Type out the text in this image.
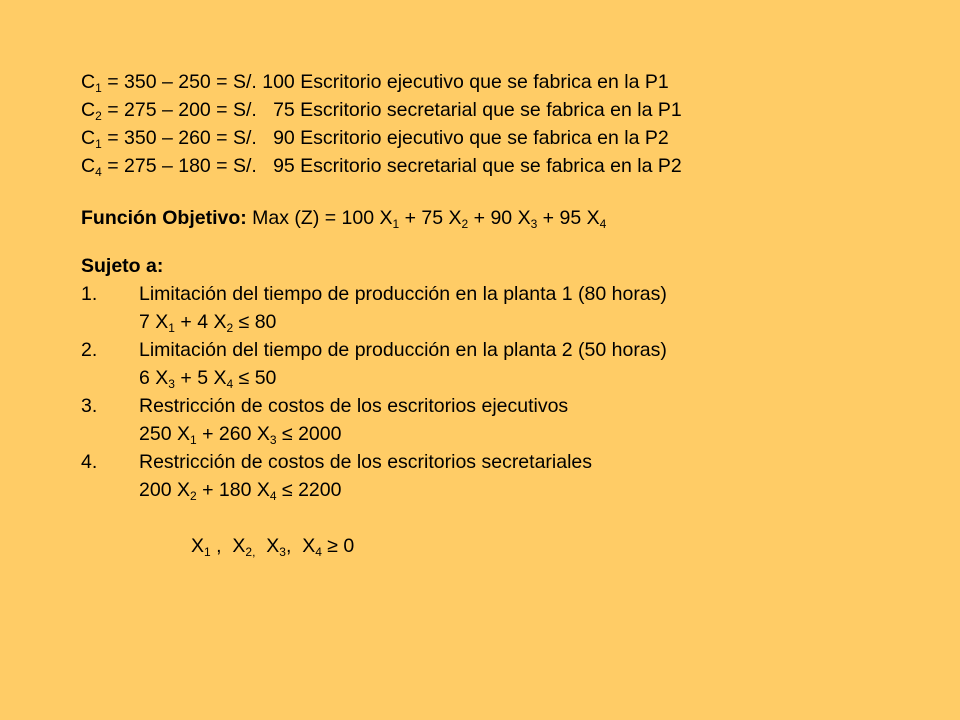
$C_1 = 350 - 250 = S/$. 100 Escritorio ejecutivo que se fabrica en la P1
$C_2 = 275 - 200 = S/$.   75 Escritorio secretarial que se fabrica en la P1
$C_1 = 350 - 260 = S/$.   90 Escritorio ejecutivo que se fabrica en la P2
$C_4 = 275 - 180 = S/$.   95 Escritorio secretarial que se fabrica en la P2
Función Objetivo: Max (Z) = 100 $X_1 + 75$ $X_2 + 90$ $X_3 + 95$ $X_4$
Sujeto a:
1.	Limitación del tiempo de producción en la planta 1 (80 horas)
7 $X_1 + 4$ $X_2 \le 80$
2.	Limitación del tiempo de producción en la planta 2 (50 horas)
6 $X_3 + 5$ $X_4 \le 50$
3.	Restricción de costos de los escritorios ejecutivos
250 $X_1 + 260$ $X_3 \le 2000$
4.	Restricción de costos de los escritorios secretariales
200 $X_2 + 180$ $X_4 \le 2200$
$X_1$ ,  $X_{2,}$  $X_3$,  $X_4 \ge 0$
